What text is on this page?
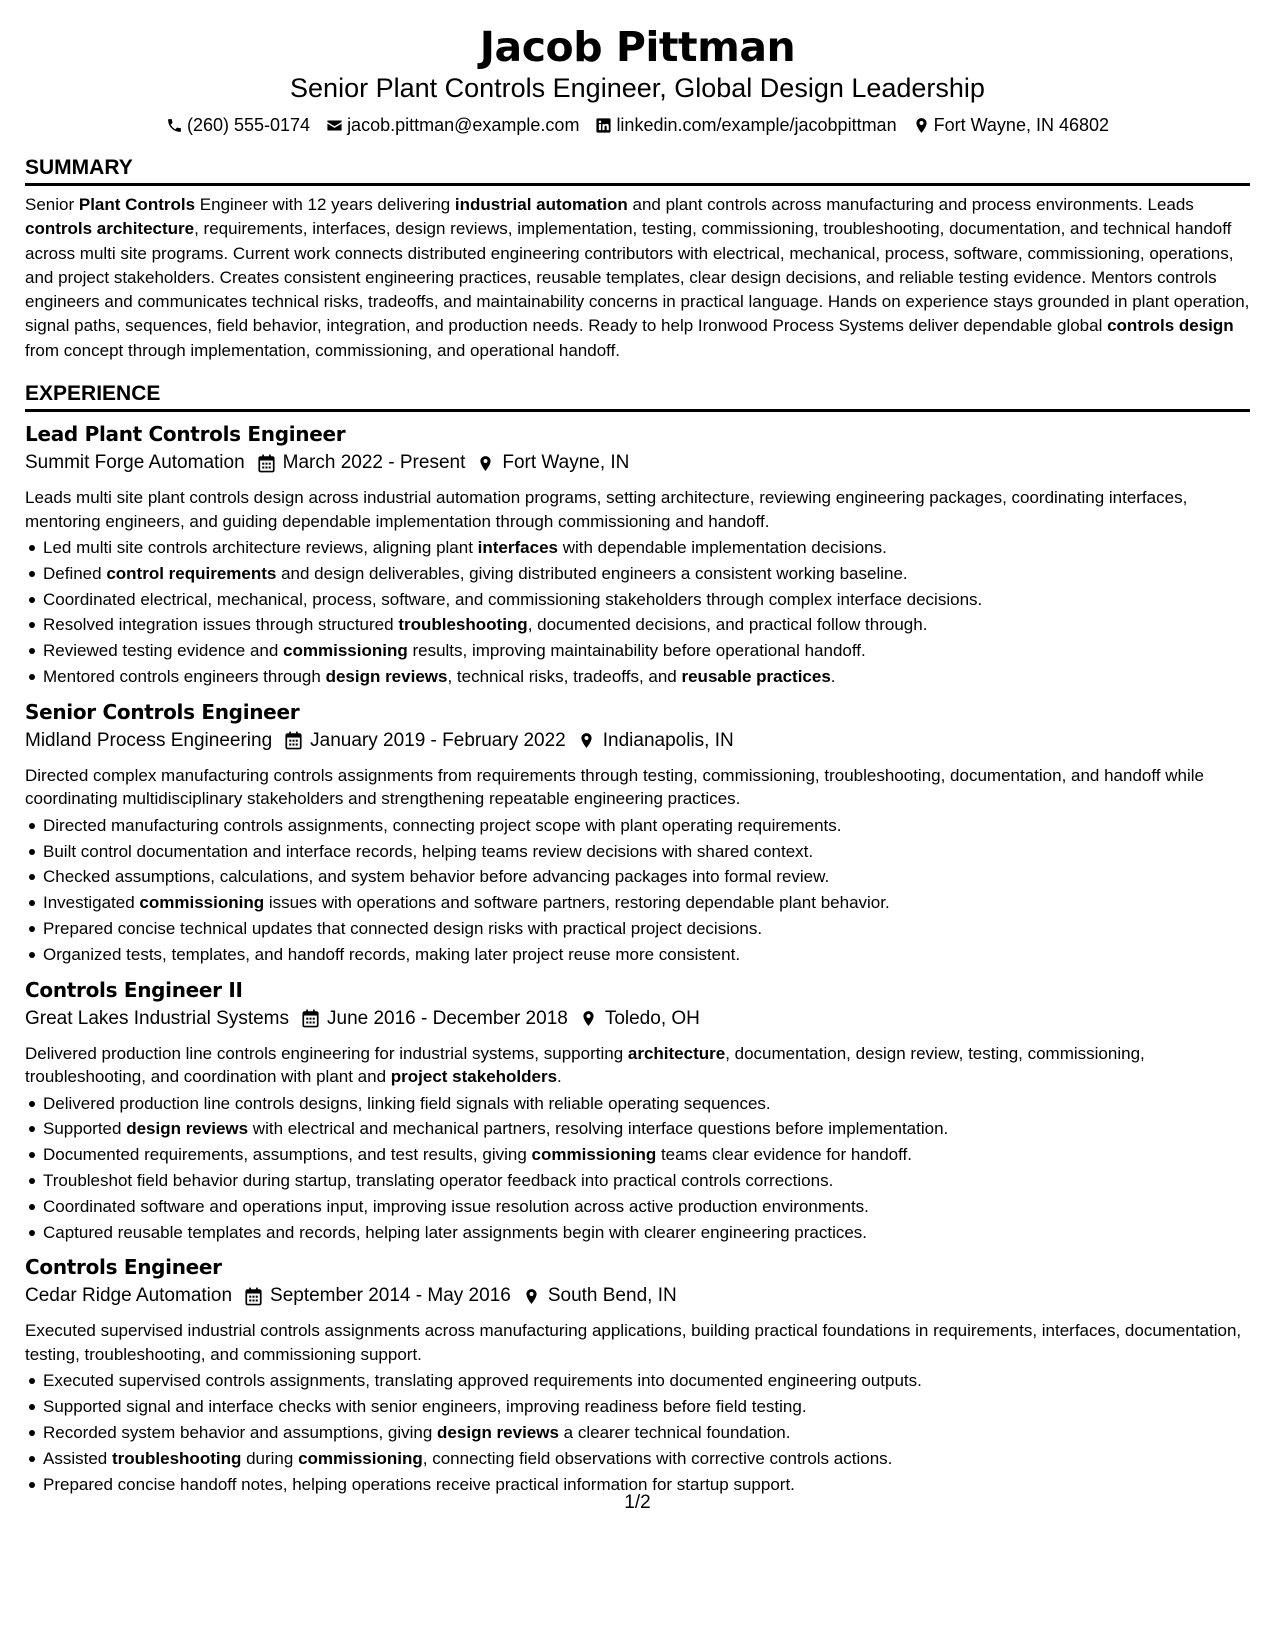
Jacob Pittman
Senior Plant Controls Engineer, Global Design Leadership
(260) 555-0174 jacob.pittman@example.com linkedin.com/example/jacobpittman Fort Wayne, IN 46802
SUMMARY

Senior Plant Controls Engineer with 12 years delivering industrial automation and plant controls across manufacturing and process environments. Leads controls architecture, requirements, interfaces, design reviews, implementation, testing, commissioning, troubleshooting, documentation, and technical handoff across multi site programs. Current work connects distributed engineering contributors with electrical, mechanical, process, software, commissioning, operations, and project stakeholders. Creates consistent engineering practices, reusable templates, clear design decisions, and reliable testing evidence. Mentors controls engineers and communicates technical risks, tradeoffs, and maintainability concerns in practical language. Hands on experience stays grounded in plant operation, signal paths, sequences, field behavior, integration, and production needs. Ready to help Ironwood Process Systems deliver dependable global controls design from concept through implementation, commissioning, and operational handoff.

EXPERIENCE
Lead Plant Controls Engineer
Summit Forge Automation March 2022 - Present Fort Wayne, IN

Leads multi site plant controls design across industrial automation programs, setting architecture, reviewing engineering packages, coordinating interfaces, mentoring engineers, and guiding dependable implementation through commissioning and handoff.

Led multi site controls architecture reviews, aligning plant interfaces with dependable implementation decisions.
Defined control requirements and design deliverables, giving distributed engineers a consistent working baseline.
Coordinated electrical, mechanical, process, software, and commissioning stakeholders through complex interface decisions.
Resolved integration issues through structured troubleshooting, documented decisions, and practical follow through.
Reviewed testing evidence and commissioning results, improving maintainability before operational handoff.
Mentored controls engineers through design reviews, technical risks, tradeoffs, and reusable practices.
Senior Controls Engineer
Midland Process Engineering January 2019 - February 2022 Indianapolis, IN

Directed complex manufacturing controls assignments from requirements through testing, commissioning, troubleshooting, documentation, and handoff while coordinating multidisciplinary stakeholders and strengthening repeatable engineering practices.

Directed manufacturing controls assignments, connecting project scope with plant operating requirements.
Built control documentation and interface records, helping teams review decisions with shared context.
Checked assumptions, calculations, and system behavior before advancing packages into formal review.
Investigated commissioning issues with operations and software partners, restoring dependable plant behavior.
Prepared concise technical updates that connected design risks with practical project decisions.
Organized tests, templates, and handoff records, making later project reuse more consistent.
Controls Engineer II
Great Lakes Industrial Systems June 2016 - December 2018 Toledo, OH

Delivered production line controls engineering for industrial systems, supporting architecture, documentation, design review, testing, commissioning, troubleshooting, and coordination with plant and project stakeholders.

Delivered production line controls designs, linking field signals with reliable operating sequences.
Supported design reviews with electrical and mechanical partners, resolving interface questions before implementation.
Documented requirements, assumptions, and test results, giving commissioning teams clear evidence for handoff.
Troubleshot field behavior during startup, translating operator feedback into practical controls corrections.
Coordinated software and operations input, improving issue resolution across active production environments.
Captured reusable templates and records, helping later assignments begin with clearer engineering practices.
Controls Engineer
Cedar Ridge Automation September 2014 - May 2016 South Bend, IN

Executed supervised industrial controls assignments across manufacturing applications, building practical foundations in requirements, interfaces, documentation, testing, troubleshooting, and commissioning support.

Executed supervised controls assignments, translating approved requirements into documented engineering outputs.
Supported signal and interface checks with senior engineers, improving readiness before field testing.
Recorded system behavior and assumptions, giving design reviews a clearer technical foundation.
Assisted troubleshooting during commissioning, connecting field observations with corrective controls actions.
Prepared concise handoff notes, helping operations receive practical information for startup support.
1/2
